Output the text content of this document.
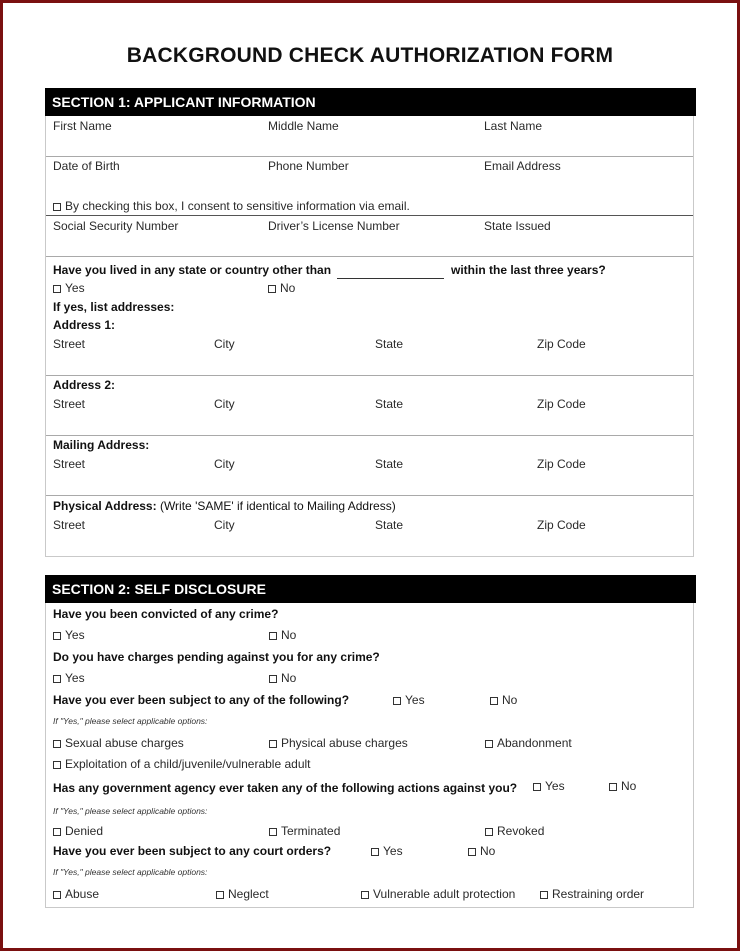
BACKGROUND CHECK AUTHORIZATION FORM
SECTION 1: APPLICANT INFORMATION
First Name	Middle Name	Last Name
Date of Birth	Phone Number	Email Address
By checking this box, I consent to sensitive information via email.
Social Security Number	Driver’s License Number	State Issued
Have you lived in any state or country other than	within the last three years?
Yes	No
If yes, list addresses:
Address 1:
Street	City	State	Zip Code
Address 2:
Street	City	State	Zip Code
Mailing Address:
Street	City	State	Zip Code
Physical Address: (Write 'SAME' if identical to Mailing Address)
Street	City	State	Zip Code
SECTION 2: SELF DISCLOSURE
Have you been convicted of any crime?
Yes	No
Do you have charges pending against you for any crime?
Yes	No
Have you ever been subject to any of the following?	Yes	No
If "Yes," please select applicable options:
Sexual abuse charges	Physical abuse charges	Abandonment
Exploitation of a child/juvenile/vulnerable adult
Has any government agency ever taken any of the following actions against you?	Yes	No
If "Yes," please select applicable options:
Denied	Terminated	Revoked
Have you ever been subject to any court orders?	Yes	No
If "Yes," please select applicable options:
Abuse	Neglect	Vulnerable adult protection	Restraining order
